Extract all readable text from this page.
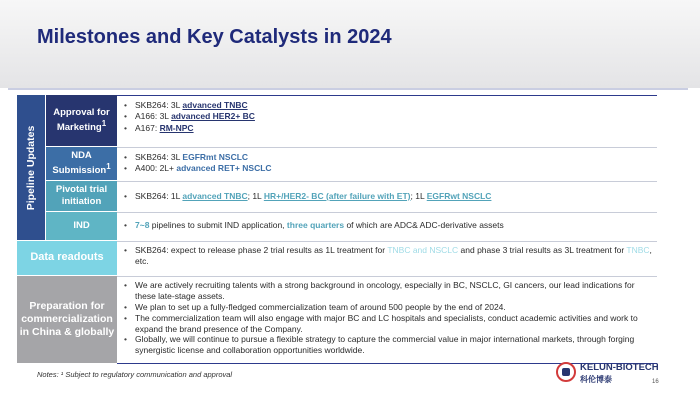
Milestones and Key Catalysts in 2024
Pipeline Updates
Approval for Marketing$^1$
NDA Submission$^1$
Pivotal trial initiation
IND
Data readouts
Preparation for commercialization in China & globally
• SKB264: 3L advanced TNBC
• A166: 3L advanced HER2+ BC
• A167: RM-NPC
• SKB264: 3L EGFRmt NSCLC
• A400: 2L+ advanced RET+ NSCLC
• SKB264: 1L advanced TNBC; 1L HR+/HER2- BC (after failure with ET); 1L EGFRwt NSCLC
• 7~8 pipelines to submit IND application, three quarters of which are ADC& ADC-derivative assets
• SKB264: expect to release phase 2 trial results as 1L treatment for TNBC and NSCLC and phase 3 trial results as 3L treatment for TNBC, etc.
• We are actively recruiting talents with a strong background in oncology, especially in BC, NSCLC, GI cancers, our lead indications for these late-stage assets.
• We plan to set up a fully-fledged commercialization team of around 500 people by the end of 2024.
• The commercialization team will also engage with major BC and LC hospitals and specialists, conduct academic activities and work to expand the brand presence of the Company.
• Globally, we will continue to pursue a flexible strategy to capture the commercial value in major international markets, through forging synergistic license and collaboration opportunities worldwide.
Notes: ¹ Subject to regulatory communication and approval
KELUN-BIOTECH
科伦博泰	16
